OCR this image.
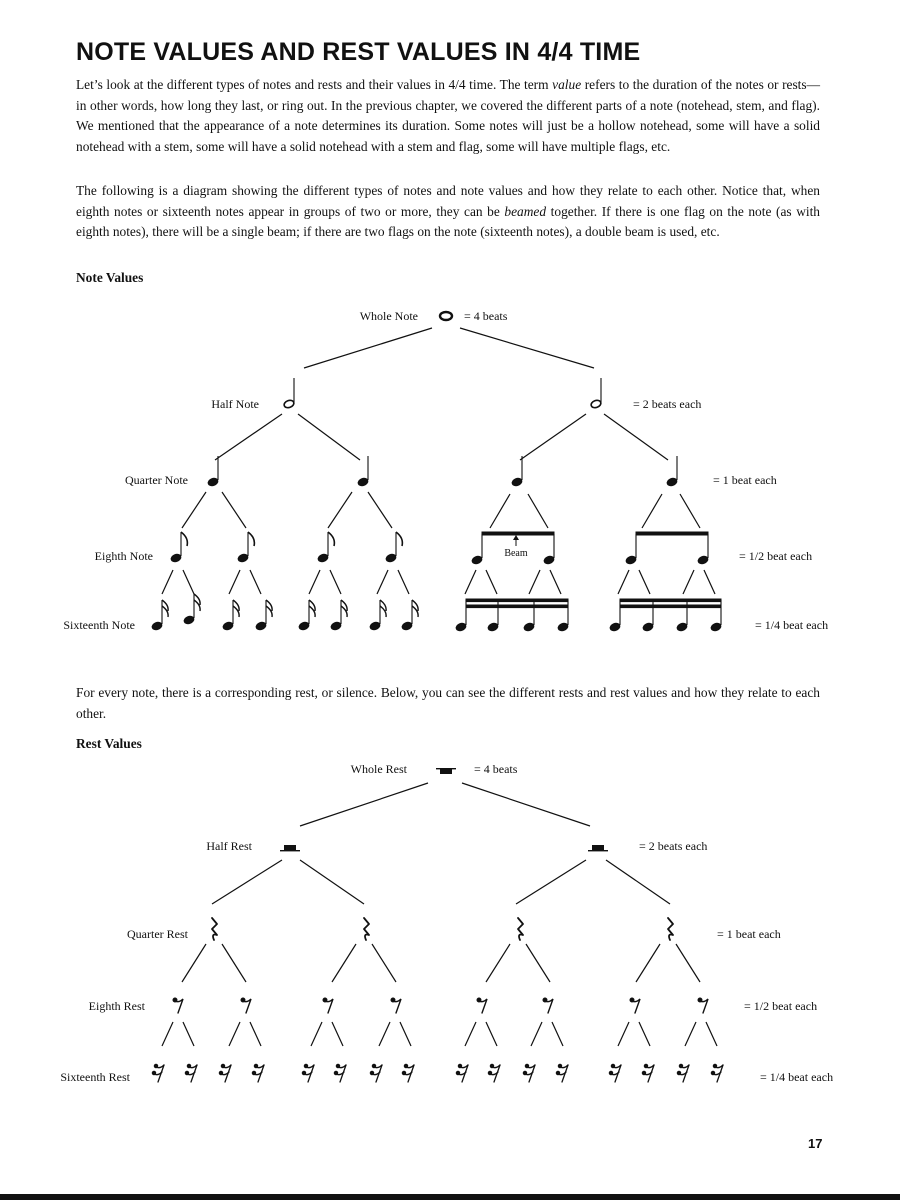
NOTE VALUES AND REST VALUES IN 4/4 TIME

Let’s look at the different types of notes and rests and their values in 4/4 time. The term value refers to the duration of the notes or rests—in other words, how long they last, or ring out. In the previous chapter, we covered the different parts of a note (notehead, stem, and flag). We mentioned that the appearance of a note determines its duration. Some notes will just be a hollow notehead, some will have a solid notehead with a stem, some will have a solid notehead with a stem and flag, some will have multiple flags, etc.

The following is a diagram showing the different types of notes and note values and how they relate to each other. Notice that, when eighth notes or sixteenth notes appear in groups of two or more, they can be beamed together. If there is one flag on the note (as with eighth notes), there will be a single beam; if there are two flags on the note (sixteenth notes), a double beam is used, etc.

Note Values
Whole Note	= 4 beats
Half Note	= 2 beats each
Quarter Note	= 1 beat each
Eighth Note	= 1/2 beat each
Sixteenth Note	= 1/4 beat each
Beam

For every note, there is a corresponding rest, or silence. Below, you can see the different rests and rest values and how they relate to each other.

Rest Values
Whole Rest	= 4 beats
Half Rest	= 2 beats each
Quarter Rest	= 1 beat each
Eighth Rest	= 1/2 beat each
Sixteenth Rest	= 1/4 beat each
17
